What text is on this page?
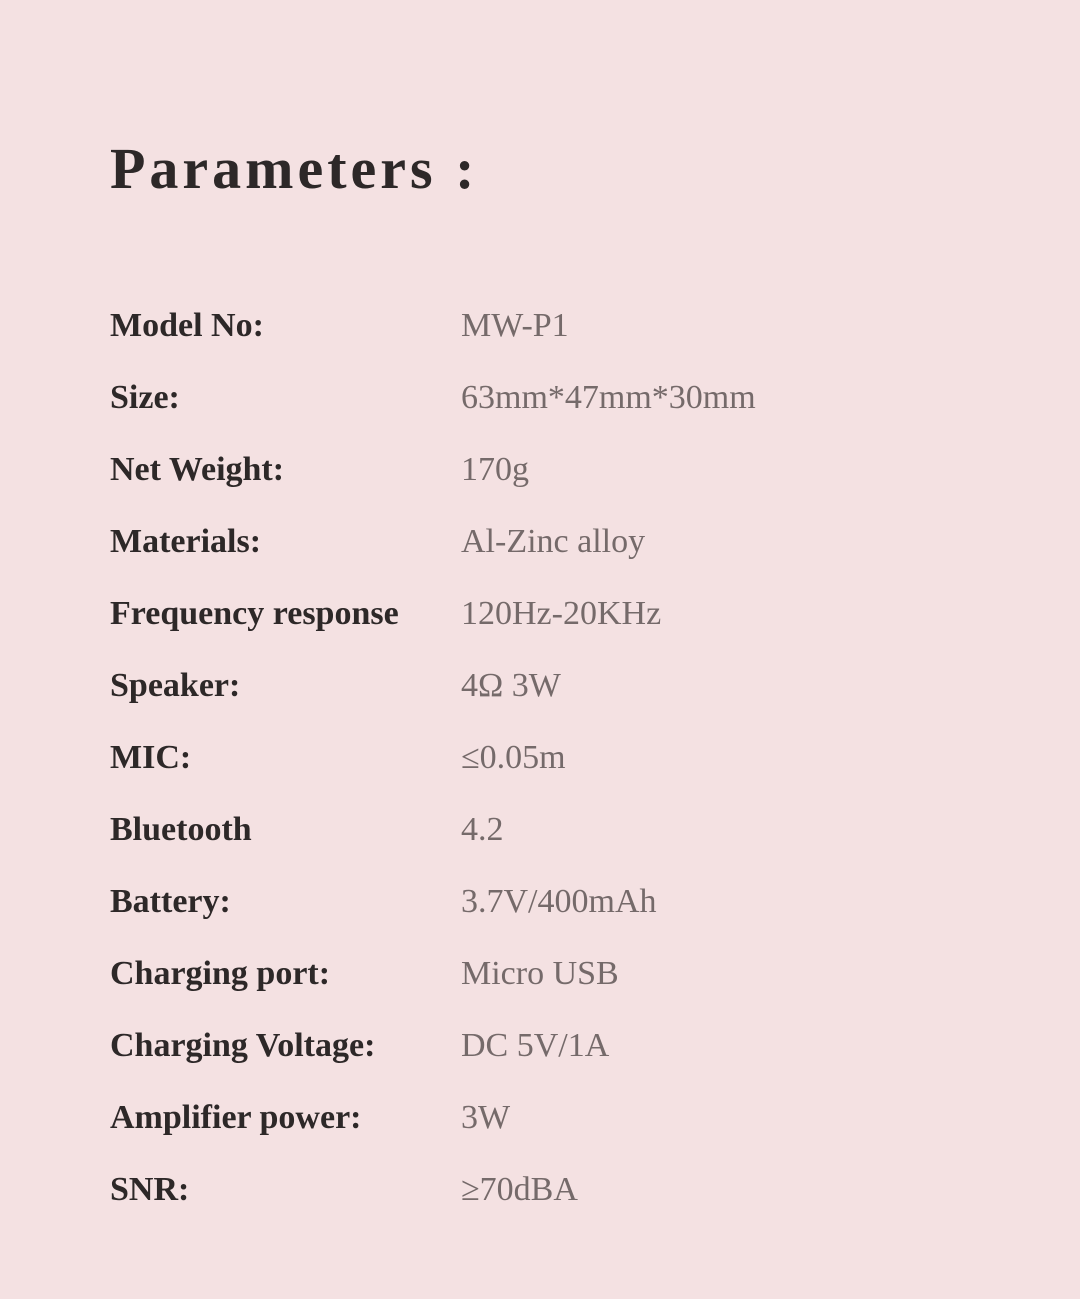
Parameters :
Model No:	MW-P1
Size:	63mm*47mm*30mm
Net Weight:	170g
Materials:	Al-Zinc alloy
Frequency response	120Hz-20KHz
Speaker:	4Ω 3W
MIC:	≤0.05m
Bluetooth	4.2
Battery:	3.7V/400mAh
Charging port:	Micro USB
Charging Voltage:	DC 5V/1A
Amplifier power:	3W
SNR:	≥70dBA
